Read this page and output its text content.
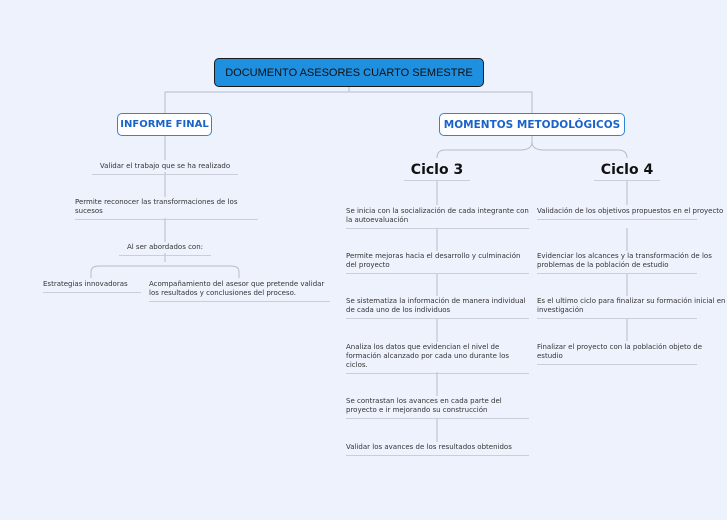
DOCUMENTO ASESORES CUARTO SEMESTRE
INFORME FINAL	MOMENTOS METODOLÓGICOS
Validar el trabajo que se ha realizado
Permite reconocer las transformaciones de los sucesos
Al ser abordados con:
Estrategias innovadoras	Acompañamiento del asesor que pretende validar los resultados y conclusiones del proceso.
Ciclo 3	Ciclo 4
Se inicia con la socialización de cada integrante con la autoevaluación
Permite mejoras hacia el desarrollo y culminación del proyecto
Se sistematiza la información de manera individual de cada uno de los individuos
Analiza los datos que evidencian el nivel de formación alcanzado por cada uno durante los ciclos.
Se contrastan los avances en cada parte del proyecto e ir mejorando su construcción
Validar los avances de los resultados obtenidos
Validación de los objetivos propuestos en el proyecto
Evidenciar los alcances y la transformación de los problemas de la población de estudio
Es el ultimo ciclo para finalizar su formación inicial en investigación
Finalizar el proyecto con la población objeto de estudio
